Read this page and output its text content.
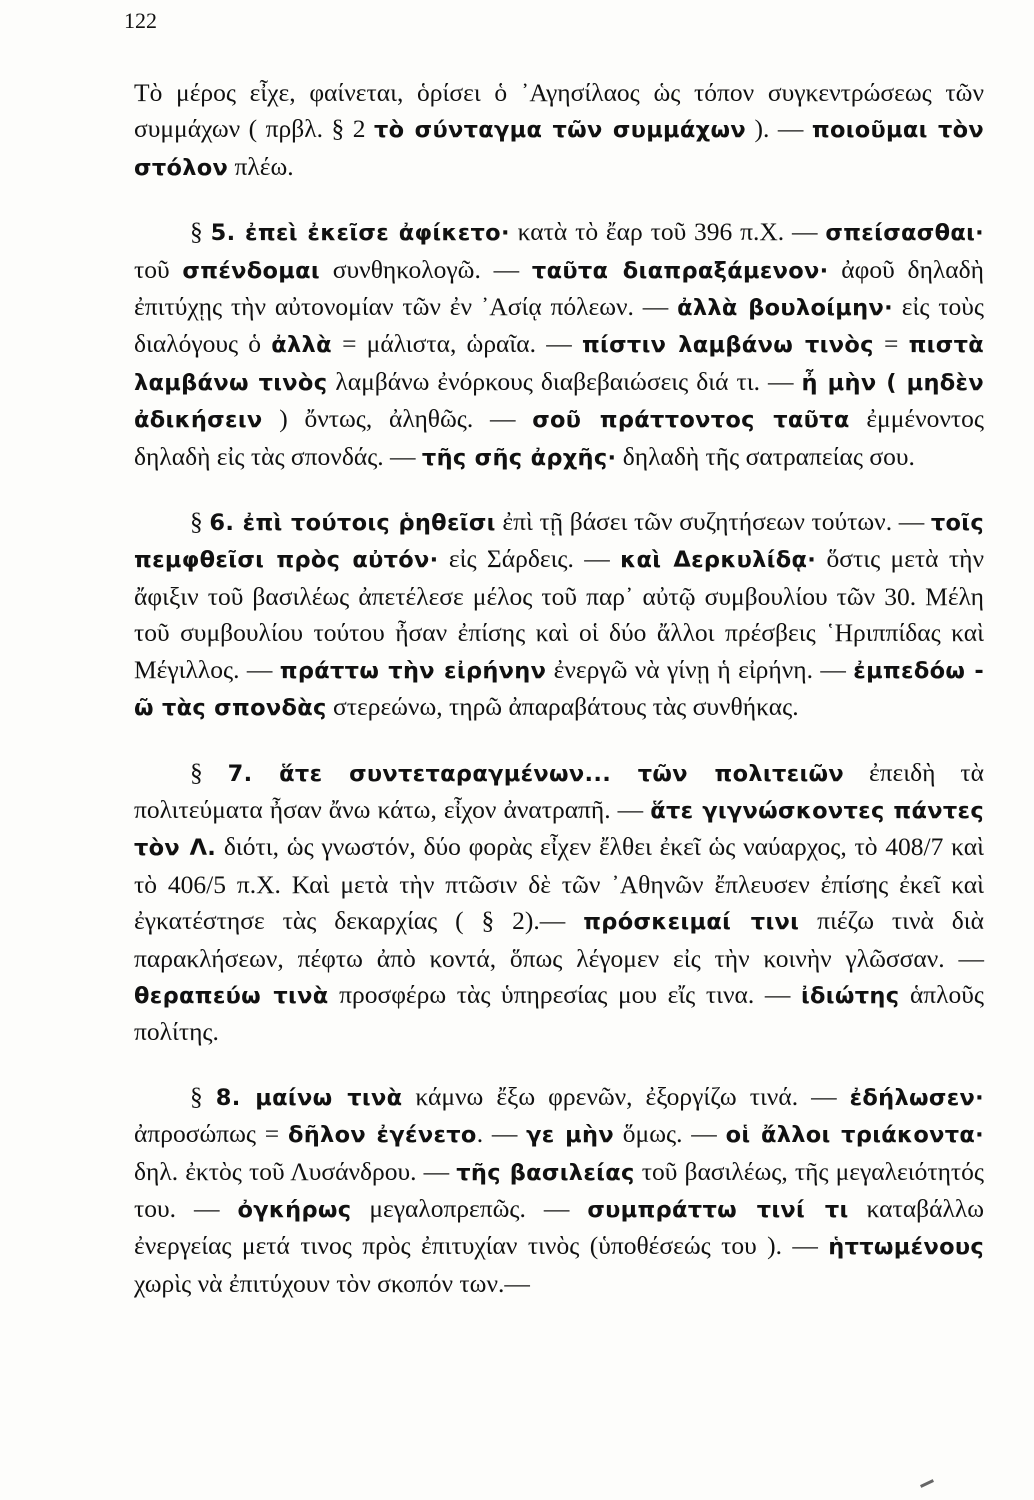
122

Τὸ μέρος εἶχε, φαίνεται, ὁρίσει ὁ ᾿Αγησίλαος ὡς τόπον συγκεντρώσεως τῶν συμμάχων ( πρβλ. § 2 τὸ σύνταγμα τῶν συμμάχων ). — ποιοῦμαι τὸν στόλον πλέω.

§ 5. ἐπεὶ ἐκεῖσε ἀφίκετο· κατὰ τὸ ἔαρ τοῦ 396 π.Χ. — σπείσασθαι· τοῦ σπένδομαι συνθηκολογῶ. — ταῦτα διαπραξάμενον· ἀφοῦ δηλαδὴ ἐπιτύχῃς τὴν αὐτονομίαν τῶν ἐν ᾿Ασίᾳ πόλεων. — ἀλλὰ βουλοίμην· εἰς τοὺς διαλόγους ὁ ἀλλὰ = μάλιστα, ὡραῖα. — πίστιν λαμβάνω τινὸς = πιστὰ λαμβάνω τινὸς λαμβάνω ἐνόρκους διαβεβαιώσεις διά τι. — ἦ μὴν ( μηδὲν ἀδικήσειν ) ὄντως, ἀληθῶς. — σοῦ πράττοντος ταῦτα ἐμμένοντος δηλαδὴ εἰς τὰς σπονδάς. — τῆς σῆς ἀρχῆς· δηλαδὴ τῆς σατραπείας σου.

§ 6. ἐπὶ τούτοις ῥηθεῖσι ἐπὶ τῇ βάσει τῶν συζητήσεων τούτων. — τοῖς πεμφθεῖσι πρὸς αὐτόν· εἰς Σάρδεις. — καὶ Δερκυλίδᾳ· ὅστις μετὰ τὴν ἄφιξιν τοῦ βασιλέως ἀπετέλεσε μέλος τοῦ παρ᾿ αὐτῷ συμβουλίου τῶν 30. Μέλη τοῦ συμβουλίου τούτου ἦσαν ἐπίσης καὶ οἱ δύο ἄλλοι πρέσβεις ῾Ηριππίδας καὶ Μέγιλλος. — πράττω τὴν εἰρήνην ἐνεργῶ νὰ γίνῃ ἡ εἰρήνη. — ἐμπεδόω - ῶ τὰς σπονδὰς στερεώνω, τηρῶ ἀπαραβάτους τὰς συνθήκας.

§ 7. ἅτε συντεταραγμένων... τῶν πολιτειῶν ἐπειδὴ τὰ πολιτεύματα ἦσαν ἄνω κάτω, εἶχον ἀνατραπῆ. — ἅτε γιγνώσκοντες πάντες τὸν Λ. διότι, ὡς γνωστόν, δύο φορὰς εἶχεν ἔλθει ἐκεῖ ὡς ναύαρχος, τὸ 408/7 καὶ τὸ 406/5 π.Χ. Καὶ μετὰ τὴν πτῶσιν δὲ τῶν ᾿Αθηνῶν ἔπλευσεν ἐπίσης ἐκεῖ καὶ ἐγκατέστησε τὰς δεκαρχίας ( § 2).— πρόσκειμαί τινι πιέζω τινὰ διὰ παρακλήσεων, πέφτω ἀπὸ κοντά, ὅπως λέγομεν εἰς τὴν κοινὴν γλῶσσαν. — θεραπεύω τινὰ προσφέρω τὰς ὑπηρεσίας μου εἴς τινα. — ἰδιώτης ἁπλοῦς πολίτης.

§ 8. μαίνω τινὰ κάμνω ἔξω φρενῶν, ἐξοργίζω τινά. — ἐδήλωσεν· ἀπροσώπως = δῆλον ἐγένετο. — γε μὴν ὅμως. — οἱ ἄλλοι τριάκοντα· δηλ. ἐκτὸς τοῦ Λυσάνδρου. — τῆς βασιλείας τοῦ βασιλέως, τῆς μεγαλειότητός του. — ὀγκήρως μεγαλοπρεπῶς. — συμπράττω τινί τι καταβάλλω ἐνεργείας μετά τινος πρὸς ἐπιτυχίαν τινὸς (ὑποθέσεώς του ). — ἡττωμένους χωρὶς νὰ ἐπιτύχουν τὸν σκοπόν των.—
